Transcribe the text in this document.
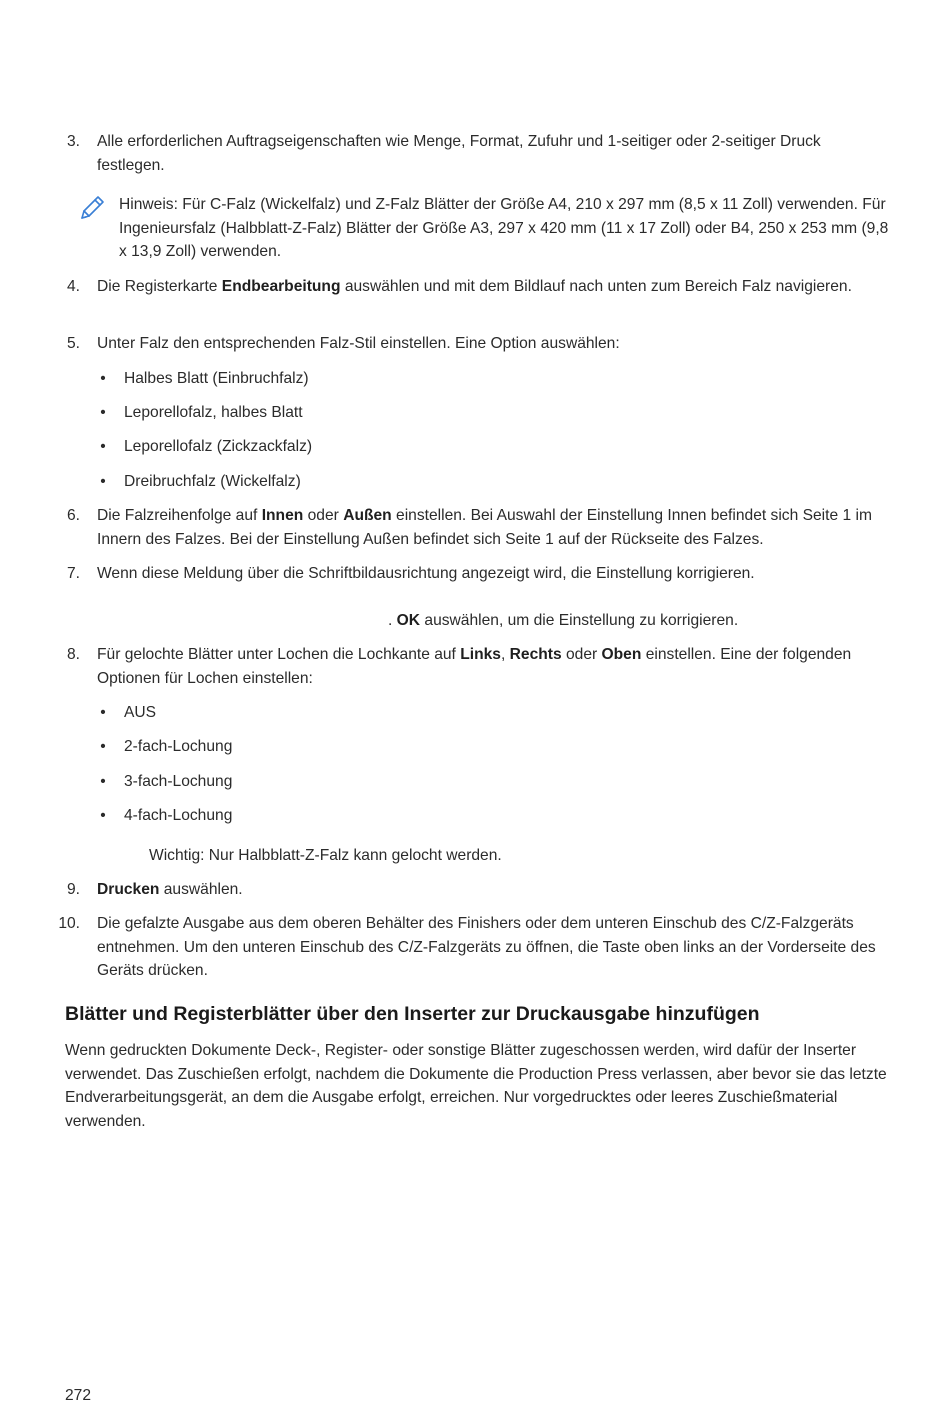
3. Alle erforderlichen Auftragseigenschaften wie Menge, Format, Zufuhr und 1-seitiger oder 2-seitiger Druck festlegen.
Hinweis: Für C-Falz (Wickelfalz) und Z-Falz Blätter der Größe A4, 210 x 297 mm (8,5 x 11 Zoll) verwenden. Für Ingenieursfalz (Halbblatt-Z-Falz) Blätter der Größe A3, 297 x 420 mm (11 x 17 Zoll) oder B4, 250 x 253 mm (9,8 x 13,9 Zoll) verwenden.
4. Die Registerkarte Endbearbeitung auswählen und mit dem Bildlauf nach unten zum Bereich Falz navigieren.
5. Unter Falz den entsprechenden Falz-Stil einstellen. Eine Option auswählen:
• Halbes Blatt (Einbruchfalz)
• Leporellofalz, halbes Blatt
• Leporellofalz (Zickzackfalz)
• Dreibruchfalz (Wickelfalz)
6. Die Falzreihenfolge auf Innen oder Außen einstellen. Bei Auswahl der Einstellung Innen befindet sich Seite 1 im Innern des Falzes. Bei der Einstellung Außen befindet sich Seite 1 auf der Rückseite des Falzes.
7. Wenn diese Meldung über die Schriftbildausrichtung angezeigt wird, die Einstellung korrigieren.
. OK auswählen, um die Einstellung zu korrigieren.
8. Für gelochte Blätter unter Lochen die Lochkante auf Links, Rechts oder Oben einstellen. Eine der folgenden Optionen für Lochen einstellen:
• AUS
• 2-fach-Lochung
• 3-fach-Lochung
• 4-fach-Lochung
Wichtig: Nur Halbblatt-Z-Falz kann gelocht werden.
9. Drucken auswählen.
10. Die gefalzte Ausgabe aus dem oberen Behälter des Finishers oder dem unteren Einschub des C/Z-Falzgeräts entnehmen. Um den unteren Einschub des C/Z-Falzgeräts zu öffnen, die Taste oben links an der Vorderseite des Geräts drücken.
Blätter und Registerblätter über den Inserter zur Druckausgabe hinzufügen
Wenn gedruckten Dokumente Deck-, Register- oder sonstige Blätter zugeschossen werden, wird dafür der Inserter verwendet. Das Zuschießen erfolgt, nachdem die Dokumente die Production Press verlassen, aber bevor sie das letzte Endverarbeitungsgerät, an dem die Ausgabe erfolgt, erreichen. Nur vorgedrucktes oder leeres Zuschießmaterial verwenden.
272
